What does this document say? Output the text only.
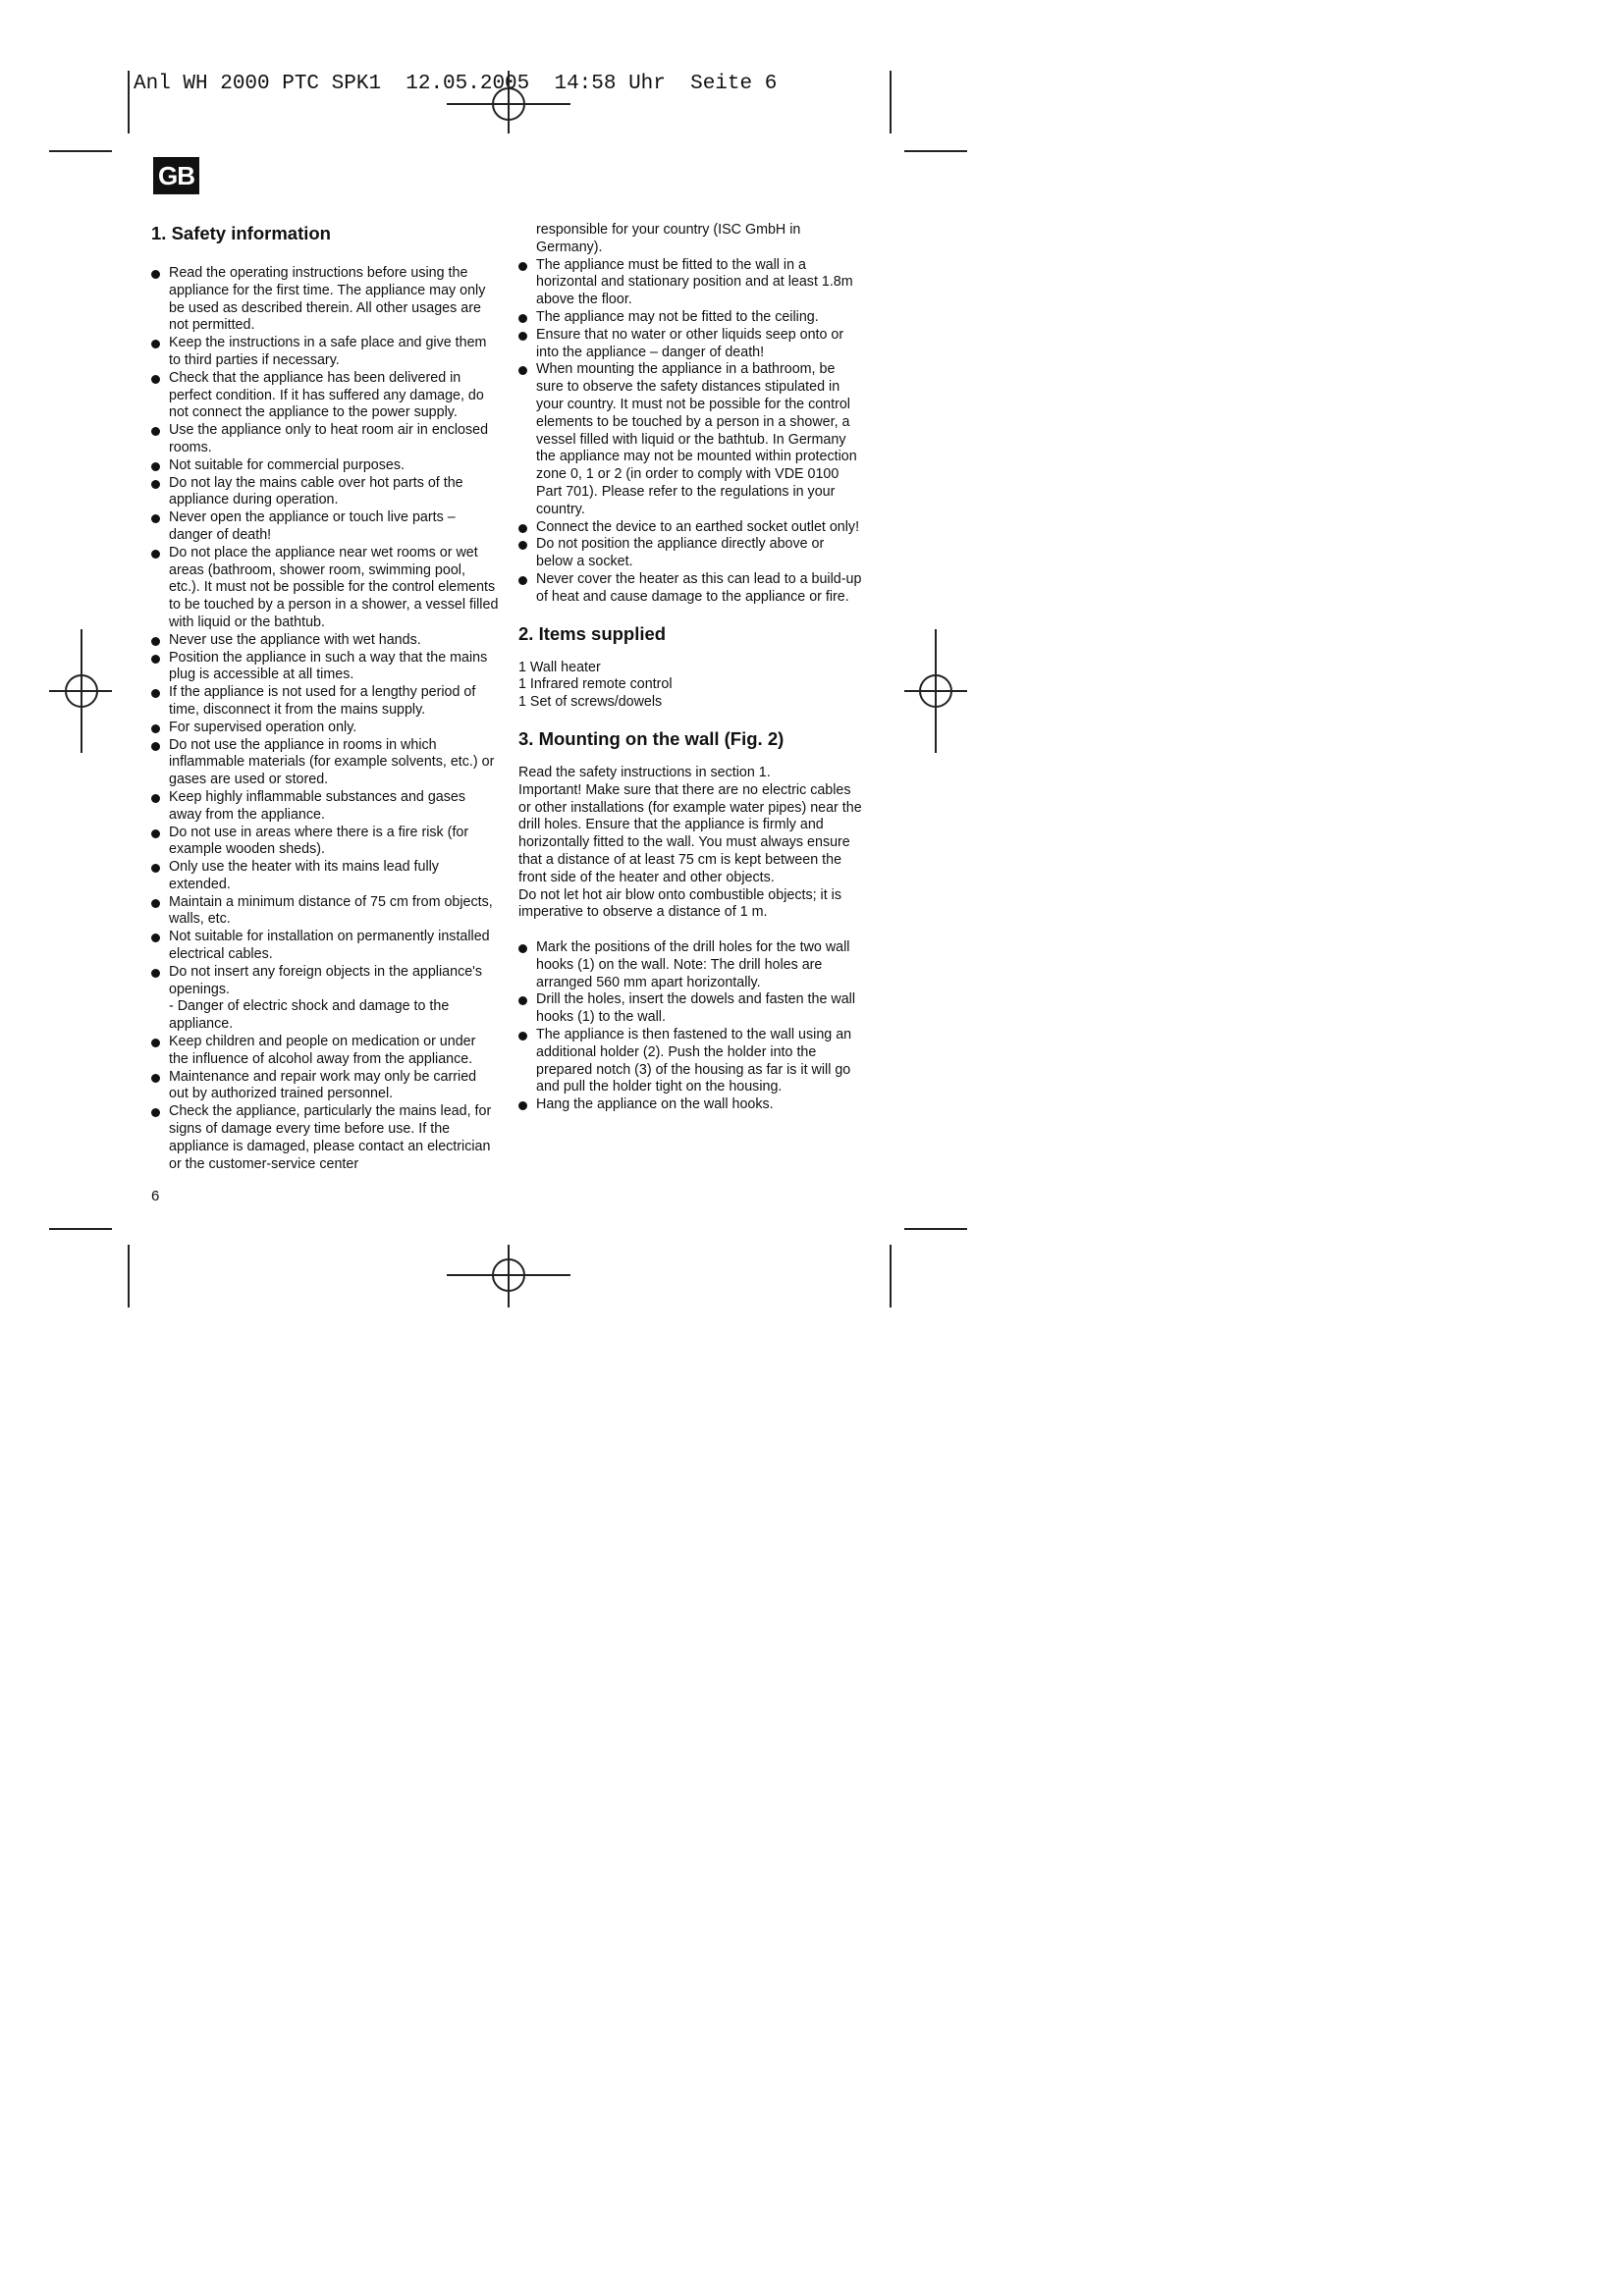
Anl WH 2000 PTC SPK1  12.05.2005  14:58 Uhr  Seite 6
GB
1. Safety information
Read the operating instructions before using the appliance for the first time. The appliance may only be used as described therein. All other usages are not permitted.
Keep the instructions in a safe place and give them to third parties if necessary.
Check that the appliance has been delivered in perfect condition. If it has suffered any damage, do not connect the appliance to the power supply.
Use the appliance only to heat room air in enclosed rooms.
Not suitable for commercial purposes.
Do not lay the mains cable over hot parts of the appliance during operation.
Never open the appliance or touch live parts – danger of death!
Do not place the appliance near wet rooms or wet areas (bathroom, shower room, swimming pool, etc.). It must not be possible for the control elements to be touched by a person in a shower, a vessel filled with liquid or the bathtub.
Never use the appliance with wet hands.
Position the appliance in such a way that the mains plug is accessible at all times.
If the appliance is not used for a lengthy period of time, disconnect it from the mains supply.
For supervised operation only.
Do not use the appliance in rooms in which inflammable materials (for example solvents, etc.) or gases are used or stored.
Keep highly inflammable substances and gases away from the appliance.
Do not use in areas where there is a fire risk (for example wooden sheds).
Only use the heater with its mains lead fully extended.
Maintain a minimum distance of 75 cm from objects, walls, etc.
Not suitable for installation on permanently installed electrical cables.
Do not insert any foreign objects in the appliance's openings.
- Danger of electric shock and damage to the appliance.
Keep children and people on medication or under the influence of alcohol away from the appliance.
Maintenance and repair work may only be carried out by authorized trained personnel.
Check the appliance, particularly the mains lead, for signs of damage every time before use. If the appliance is damaged, please contact an electrician or the customer-service center
responsible for your country (ISC GmbH in Germany).
The appliance must be fitted to the wall in a horizontal and stationary position and at least 1.8m above the floor.
The appliance may not be fitted to the ceiling.
Ensure that no water or other liquids seep onto or into the appliance – danger of death!
When mounting the appliance in a bathroom, be sure to observe the safety distances stipulated in your country. It must not be possible for the control elements to be touched by a person in a shower, a vessel filled with liquid or the bathtub. In Germany the appliance may not be mounted within protection zone 0, 1 or 2 (in order to comply with VDE 0100 Part 701). Please refer to the regulations in your country.
Connect the device to an earthed socket outlet only!
Do not position the appliance directly above or below a socket.
Never cover the heater as this can lead to a build-up of heat and cause damage to the appliance or fire.
2. Items supplied

1 Wall heater

1 Infrared remote control

1 Set of screws/dowels

3. Mounting on the wall (Fig. 2)

Read the safety instructions in section 1.

Important! Make sure that there are no electric cables or other installations (for example water pipes) near the drill holes. Ensure that the appliance is firmly and horizontally fitted to the wall. You must always ensure that a distance of at least 75 cm is kept between the front side of the heater and other objects.

Do not let hot air blow onto combustible objects; it is imperative to observe a distance of 1 m.

Mark the positions of the drill holes for the two wall hooks (1) on the wall. Note: The drill holes are arranged 560 mm apart horizontally.
Drill the holes, insert the dowels and fasten the wall hooks (1) to the wall.
The appliance is then fastened to the wall using an additional holder (2). Push the holder into the prepared notch (3) of the housing as far is it will go and pull the holder tight on the housing.
Hang the appliance on the wall hooks.
6
